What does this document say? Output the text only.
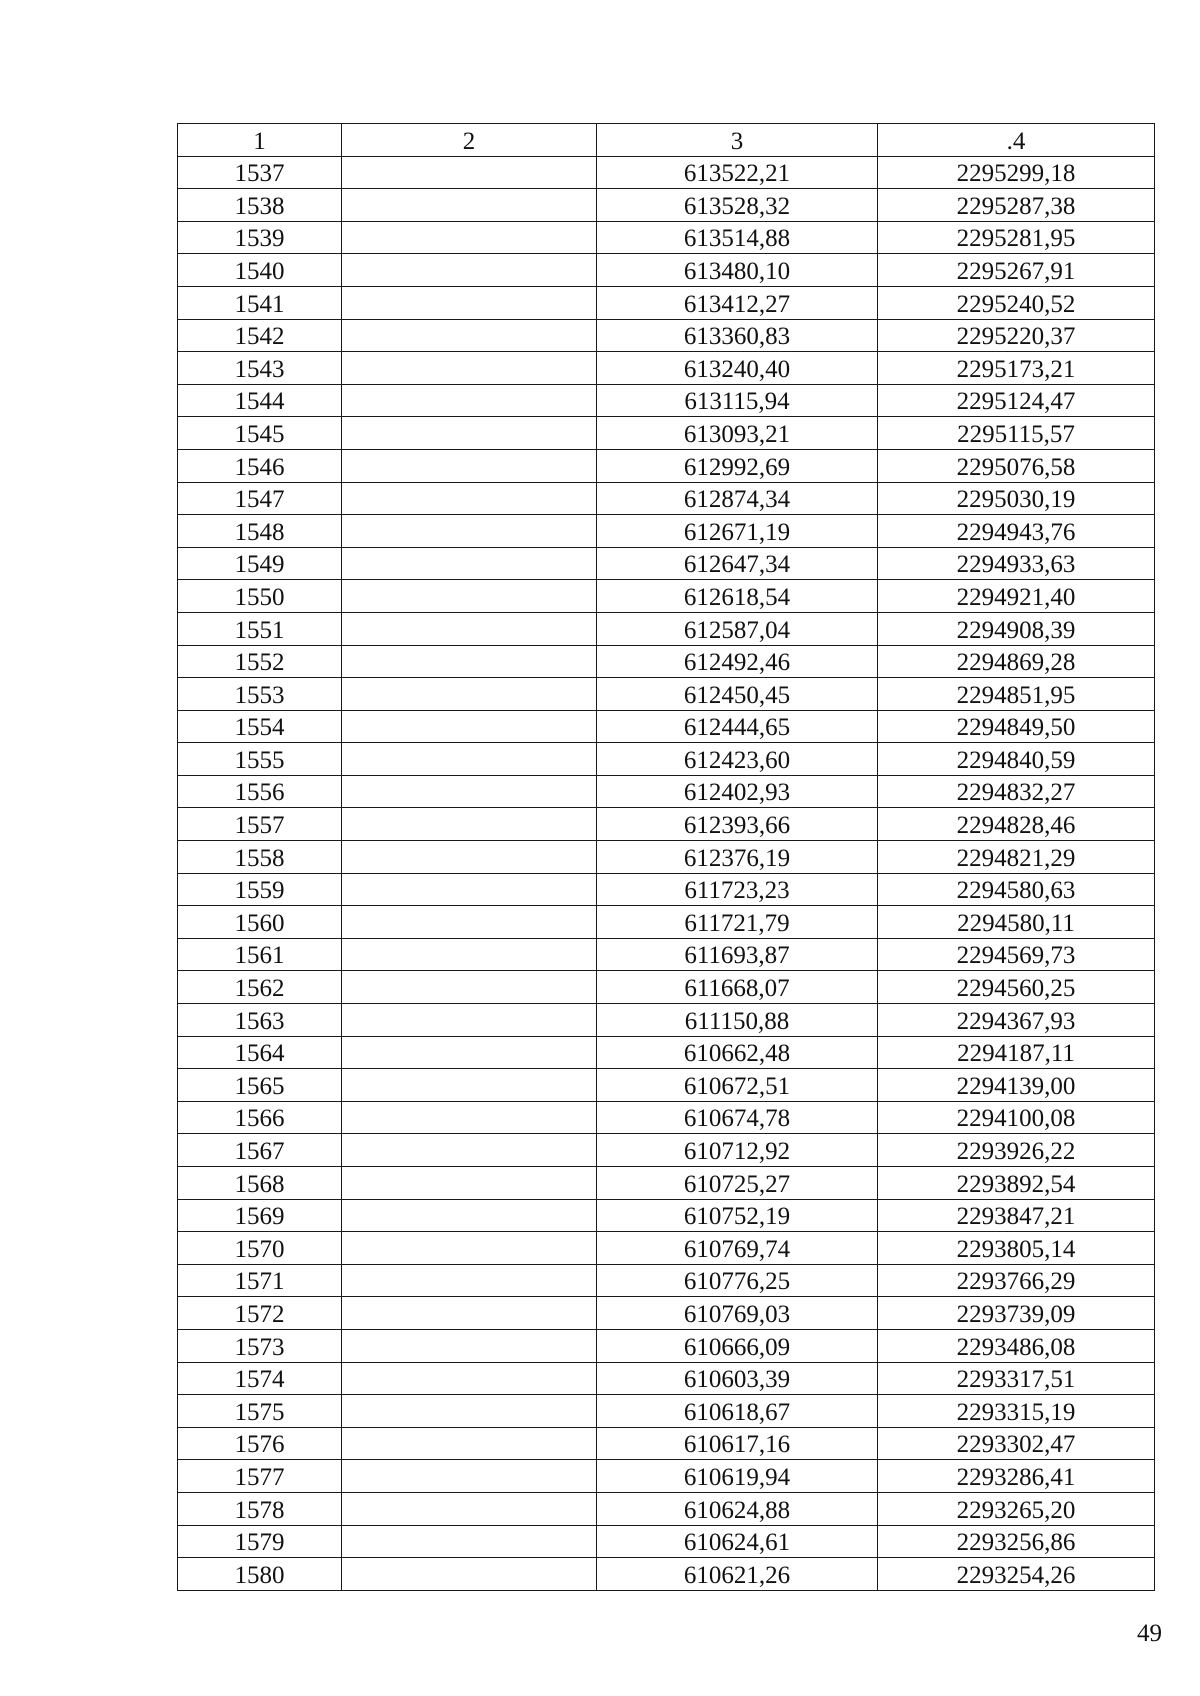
1	2	3	.4
1537		613522,21	2295299,18
1538		613528,32	2295287,38
1539		613514,88	2295281,95
1540		613480,10	2295267,91
1541		613412,27	2295240,52
1542		613360,83	2295220,37
1543		613240,40	2295173,21
1544		613115,94	2295124,47
1545		613093,21	2295115,57
1546		612992,69	2295076,58
1547		612874,34	2295030,19
1548		612671,19	2294943,76
1549		612647,34	2294933,63
1550		612618,54	2294921,40
1551		612587,04	2294908,39
1552		612492,46	2294869,28
1553		612450,45	2294851,95
1554		612444,65	2294849,50
1555		612423,60	2294840,59
1556		612402,93	2294832,27
1557		612393,66	2294828,46
1558		612376,19	2294821,29
1559		611723,23	2294580,63
1560		611721,79	2294580,11
1561		611693,87	2294569,73
1562		611668,07	2294560,25
1563		611150,88	2294367,93
1564		610662,48	2294187,11
1565		610672,51	2294139,00
1566		610674,78	2294100,08
1567		610712,92	2293926,22
1568		610725,27	2293892,54
1569		610752,19	2293847,21
1570		610769,74	2293805,14
1571		610776,25	2293766,29
1572		610769,03	2293739,09
1573		610666,09	2293486,08
1574		610603,39	2293317,51
1575		610618,67	2293315,19
1576		610617,16	2293302,47
1577		610619,94	2293286,41
1578		610624,88	2293265,20
1579		610624,61	2293256,86
1580		610621,26	2293254,26
49
